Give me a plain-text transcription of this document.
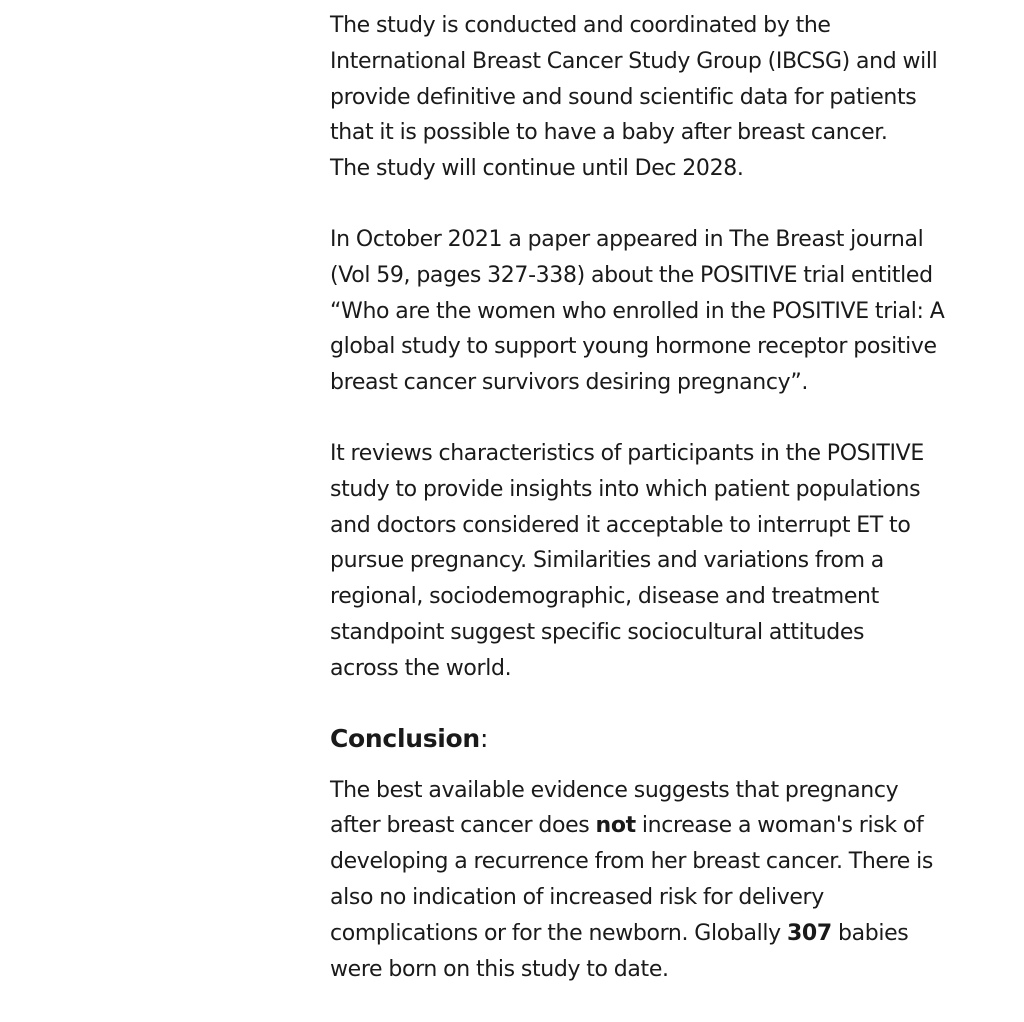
The study is conducted and coordinated by the
International Breast Cancer Study Group (IBCSG) and will
provide definitive and sound scientific data for patients
that it is possible to have a baby after breast cancer.
The study will continue until Dec 2028.

In October 2021 a paper appeared in The Breast journal
(Vol 59, pages 327-338) about the POSITIVE trial entitled
“Who are the women who enrolled in the POSITIVE trial: A
global study to support young hormone receptor positive
breast cancer survivors desiring pregnancy”.

It reviews characteristics of participants in the POSITIVE
study to provide insights into which patient populations
and doctors considered it acceptable to interrupt ET to
pursue pregnancy. Similarities and variations from a
regional, sociodemographic, disease and treatment
standpoint suggest specific sociocultural attitudes
across the world.

Conclusion:

The best available evidence suggests that pregnancy
after breast cancer does not increase a woman's risk of
developing a recurrence from her breast cancer. There is
also no indication of increased risk for delivery
complications or for the newborn. Globally 307 babies
were born on this study to date.
